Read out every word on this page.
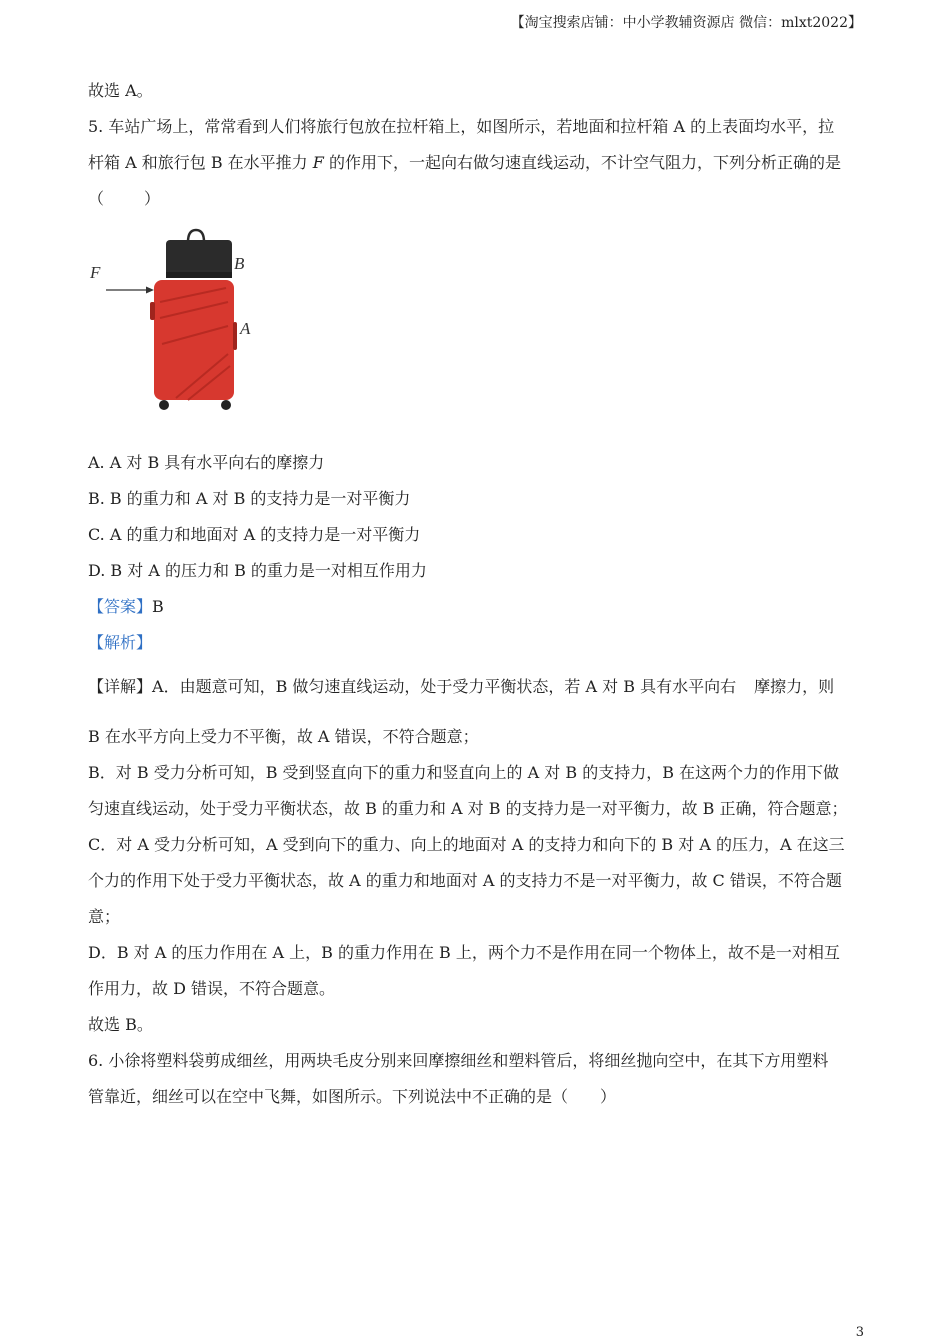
【淘宝搜索店铺：中小学教辅资源店 微信：mlxt2022】
故选 A。
5. 车站广场上，常常看到人们将旅行包放在拉杆箱上，如图所示，若地面和拉杆箱 A 的上表面均水平，拉
杆箱 A 和旅行包 B 在水平推力 F 的作用下，一起向右做匀速直线运动，不计空气阻力，下列分析正确的是
（	）
F	B
A
A. A 对 B 具有水平向右的摩擦力
B. B 的重力和 A 对 B 的支持力是一对平衡力
C. A 的重力和地面对 A 的支持力是一对平衡力
D. B 对 A 的压力和 B 的重力是一对相互作用力
【答案】B
【解析】
【详解】A．由题意可知，B 做匀速直线运动，处于受力平衡状态，若 A 对 B 具有水平向右 摩擦力，则
B 在水平方向上受力不平衡，故 A 错误，不符合题意；
B．对 B 受力分析可知，B 受到竖直向下的重力和竖直向上的 A 对 B 的支持力，B 在这两个力的作用下做
匀速直线运动，处于受力平衡状态，故 B 的重力和 A 对 B 的支持力是一对平衡力，故 B 正确，符合题意；
C．对 A 受力分析可知，A 受到向下的重力、向上的地面对 A 的支持力和向下的 B 对 A 的压力，A 在这三
个力的作用下处于受力平衡状态，故 A 的重力和地面对 A 的支持力不是一对平衡力，故 C 错误，不符合题
意；
D．B 对 A 的压力作用在 A 上，B 的重力作用在 B 上，两个力不是作用在同一个物体上，故不是一对相互
作用力，故 D 错误，不符合题意。
故选 B。
6. 小徐将塑料袋剪成细丝，用两块毛皮分别来回摩擦细丝和塑料管后，将细丝抛向空中，在其下方用塑料
管靠近，细丝可以在空中飞舞，如图所示。下列说法中不正确的是（　　）
3
